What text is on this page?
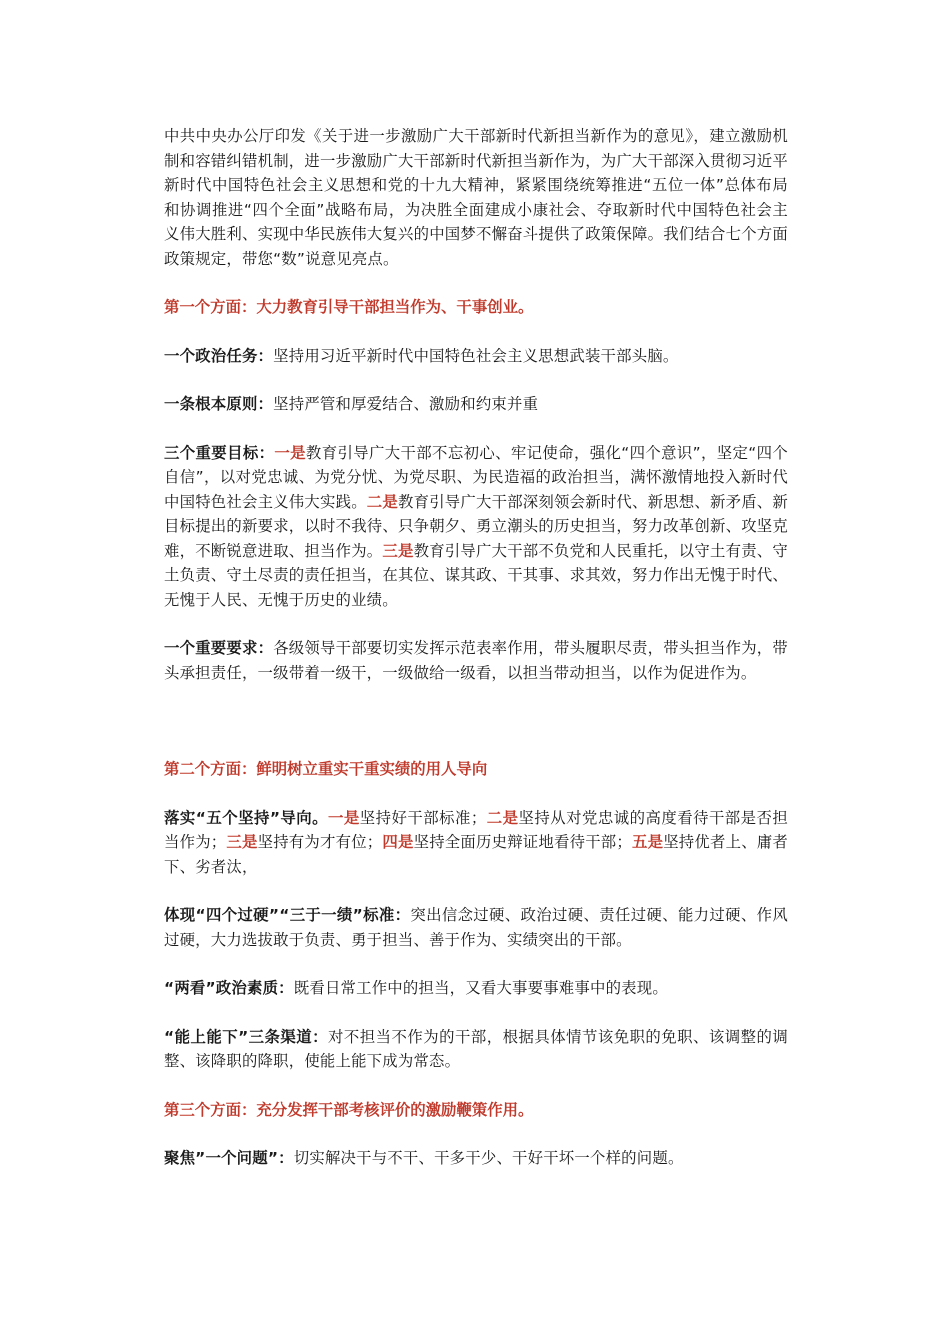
中共中央办公厅印发《关于进一步激励广大干部新时代新担当新作为的意见》，建立激励机制和容错纠错机制，进一步激励广大干部新时代新担当新作为，为广大干部深入贯彻习近平新时代中国特色社会主义思想和党的十九大精神，紧紧围绕统筹推进“五位一体”总体布局和协调推进“四个全面”战略布局，为决胜全面建成小康社会、夺取新时代中国特色社会主义伟大胜利、实现中华民族伟大复兴的中国梦不懈奋斗提供了政策保障。我们结合七个方面政策规定，带您“数”说意见亮点。

第一个方面：大力教育引导干部担当作为、干事创业。

一个政治任务：坚持用习近平新时代中国特色社会主义思想武装干部头脑。

一条根本原则：坚持严管和厚爱结合、激励和约束并重

三个重要目标：一是教育引导广大干部不忘初心、牢记使命，强化“四个意识”，坚定“四个自信”，以对党忠诚、为党分忧、为党尽职、为民造福的政治担当，满怀激情地投入新时代中国特色社会主义伟大实践。二是教育引导广大干部深刻领会新时代、新思想、新矛盾、新目标提出的新要求，以时不我待、只争朝夕、勇立潮头的历史担当，努力改革创新、攻坚克难，不断锐意进取、担当作为。三是教育引导广大干部不负党和人民重托，以守土有责、守土负责、守土尽责的责任担当，在其位、谋其政、干其事、求其效，努力作出无愧于时代、无愧于人民、无愧于历史的业绩。

一个重要要求：各级领导干部要切实发挥示范表率作用，带头履职尽责，带头担当作为，带头承担责任，一级带着一级干，一级做给一级看，以担当带动担当，以作为促进作为。

第二个方面：鲜明树立重实干重实绩的用人导向

落实“五个坚持”导向。一是坚持好干部标准；二是坚持从对党忠诚的高度看待干部是否担当作为；三是坚持有为才有位；四是坚持全面历史辩证地看待干部；五是坚持优者上、庸者下、劣者汰，

体现“四个过硬”“三于一绩”标准：突出信念过硬、政治过硬、责任过硬、能力过硬、作风过硬，大力选拔敢于负责、勇于担当、善于作为、实绩突出的干部。

“两看”政治素质：既看日常工作中的担当，又看大事要事难事中的表现。

“能上能下”三条渠道：对不担当不作为的干部，根据具体情节该免职的免职、该调整的调整、该降职的降职，使能上能下成为常态。

第三个方面：充分发挥干部考核评价的激励鞭策作用。

聚焦”一个问题”：切实解决干与不干、干多干少、干好干坏一个样的问题。
